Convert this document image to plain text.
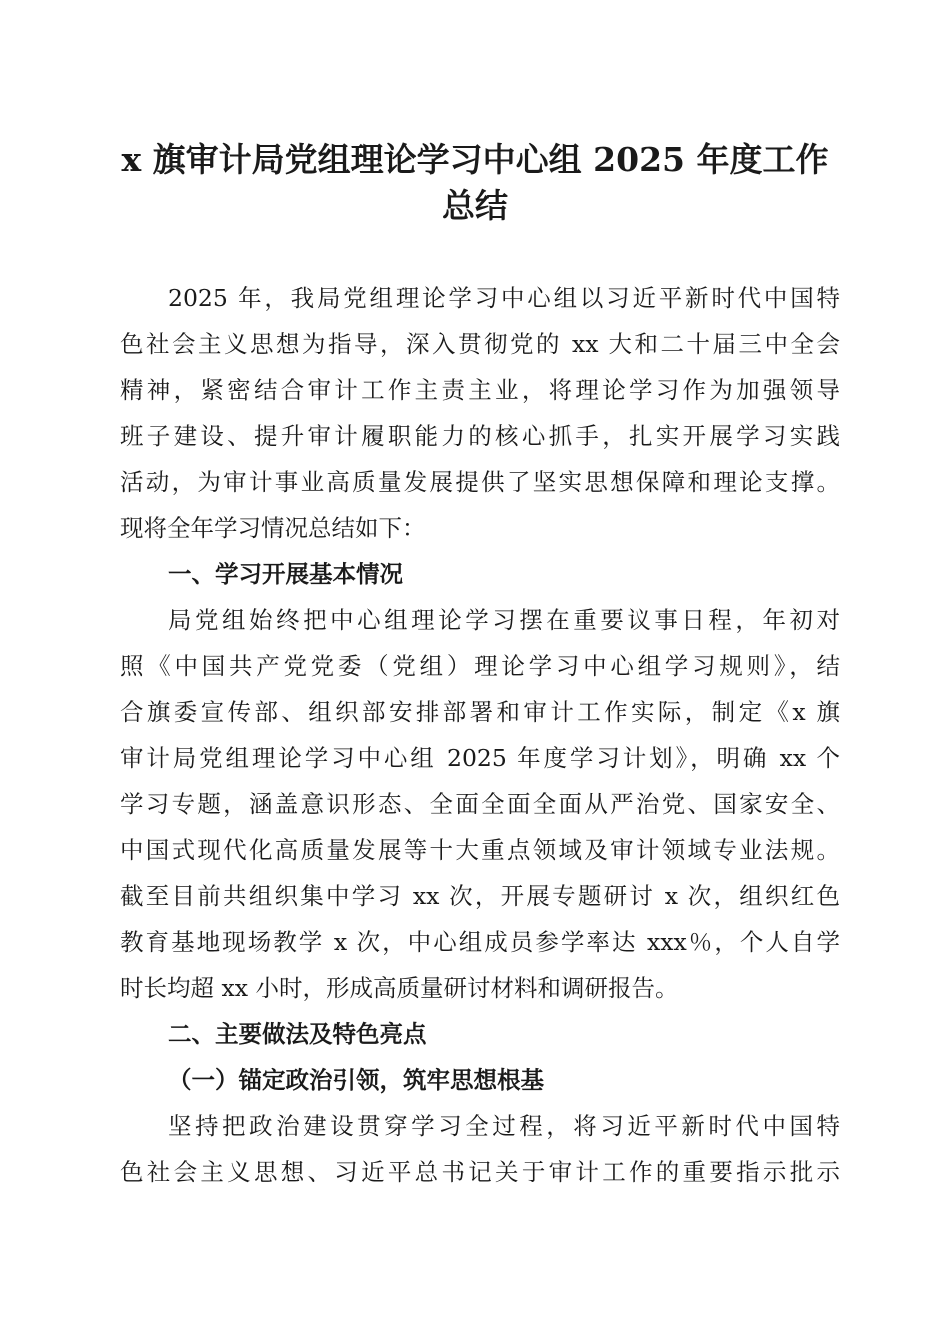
x 旗审计局党组理论学习中心组 2025 年度工作
总结

2025 年，我局党组理论学习中心组以习近平新时代中国特

色社会主义思想为指导，深入贯彻党的 xx 大和二十届三中全会

精神，紧密结合审计工作主责主业，将理论学习作为加强领导

班子建设、提升审计履职能力的核心抓手，扎实开展学习实践

活动，为审计事业高质量发展提供了坚实思想保障和理论支撑。

现将全年学习情况总结如下：

一、学习开展基本情况

局党组始终把中心组理论学习摆在重要议事日程，年初对

照《中国共产党党委（党组）理论学习中心组学习规则》，结

合旗委宣传部、组织部安排部署和审计工作实际，制定《x 旗

审计局党组理论学习中心组 2025 年度学习计划》，明确 xx 个

学习专题，涵盖意识形态、全面全面全面从严治党、国家安全、

中国式现代化高质量发展等十大重点领域及审计领域专业法规。

截至目前共组织集中学习 xx 次，开展专题研讨 x 次，组织红色

教育基地现场教学 x 次，中心组成员参学率达 xxx％，个人自学

时长均超 xx 小时，形成高质量研讨材料和调研报告。

二、主要做法及特色亮点
（一）锚定政治引领，筑牢思想根基

坚持把政治建设贯穿学习全过程，将习近平新时代中国特

色社会主义思想、习近平总书记关于审计工作的重要指示批示
